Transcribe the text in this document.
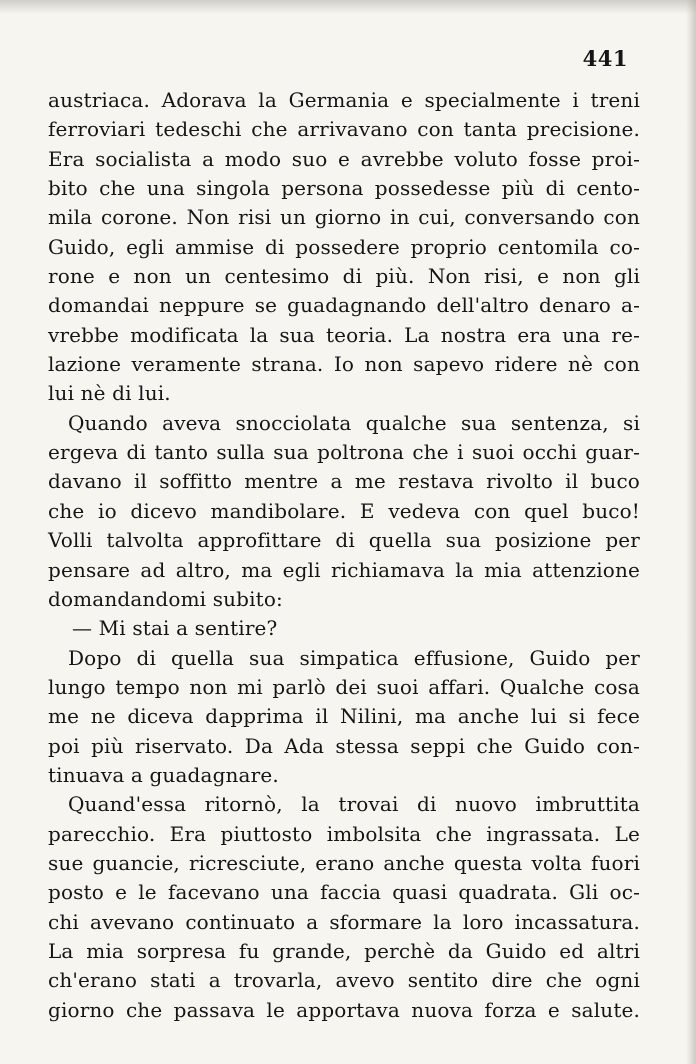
441
austriaca. Adorava la Germania e specialmente i treni
ferroviari tedeschi che arrivavano con tanta precisione.
Era socialista a modo suo e avrebbe voluto fosse proi-
bito che una singola persona possedesse più di cento-
mila corone. Non risi un giorno in cui, conversando con
Guido, egli ammise di possedere proprio centomila co-
rone e non un centesimo di più. Non risi, e non gli
domandai neppure se guadagnando dell'altro denaro a-
vrebbe modificata la sua teoria. La nostra era una re-
lazione veramente strana. Io non sapevo ridere nè con
lui nè di lui.
Quando aveva snocciolata qualche sua sentenza, si
ergeva di tanto sulla sua poltrona che i suoi occhi guar-
davano il soffitto mentre a me restava rivolto il buco
che io dicevo mandibolare. E vedeva con quel buco!
Volli talvolta approfittare di quella sua posizione per
pensare ad altro, ma egli richiamava la mia attenzione
domandandomi subito:
— Mi stai a sentire?
Dopo di quella sua simpatica effusione, Guido per
lungo tempo non mi parlò dei suoi affari. Qualche cosa
me ne diceva dapprima il Nilini, ma anche lui si fece
poi più riservato. Da Ada stessa seppi che Guido con-
tinuava a guadagnare.
Quand'essa ritornò, la trovai di nuovo imbruttita
parecchio. Era piuttosto imbolsita che ingrassata. Le
sue guancie, ricresciute, erano anche questa volta fuori
posto e le facevano una faccia quasi quadrata. Gli oc-
chi avevano continuato a sformare la loro incassatura.
La mia sorpresa fu grande, perchè da Guido ed altri
ch'erano stati a trovarla, avevo sentito dire che ogni
giorno che passava le apportava nuova forza e salute.
